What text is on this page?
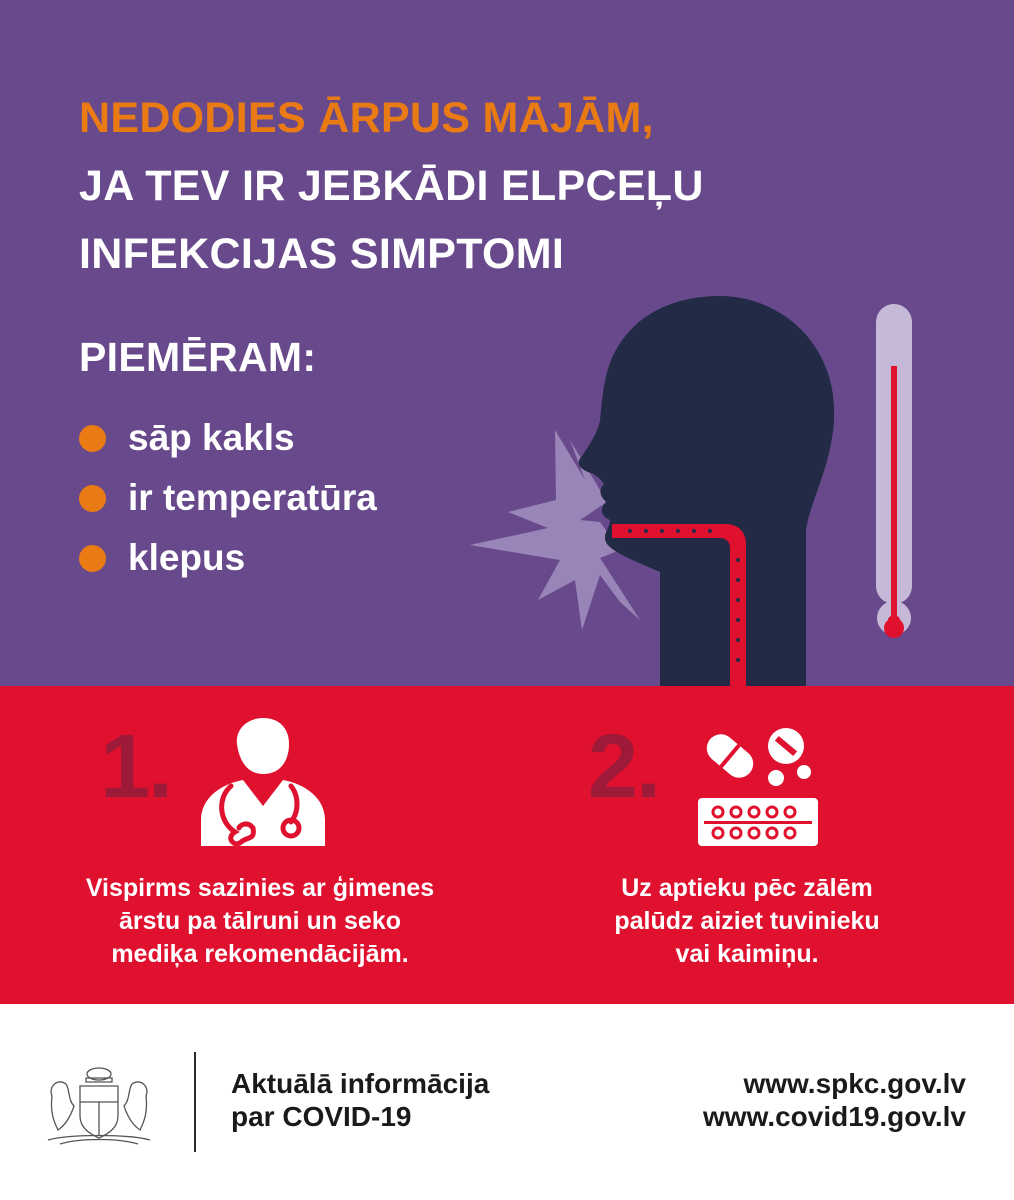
NEDODIES ĀRPUS MĀJĀM,
JA TEV IR JEBKĀDI ELPCEĻU
INFEKCIJAS SIMPTOMI
PIEMĒRAM:
sāp kakls
ir temperatūra
klepus
1.
Vispirms sazinies ar ģimenes
ārstu pa tālruni un seko
mediķa rekomendācijām.
2.
Uz aptieku pēc zālēm
palūdz aiziet tuvinieku
vai kaimiņu.
Aktuālā informācija
par COVID-19
www.spkc.gov.lv
www.covid19.gov.lv
